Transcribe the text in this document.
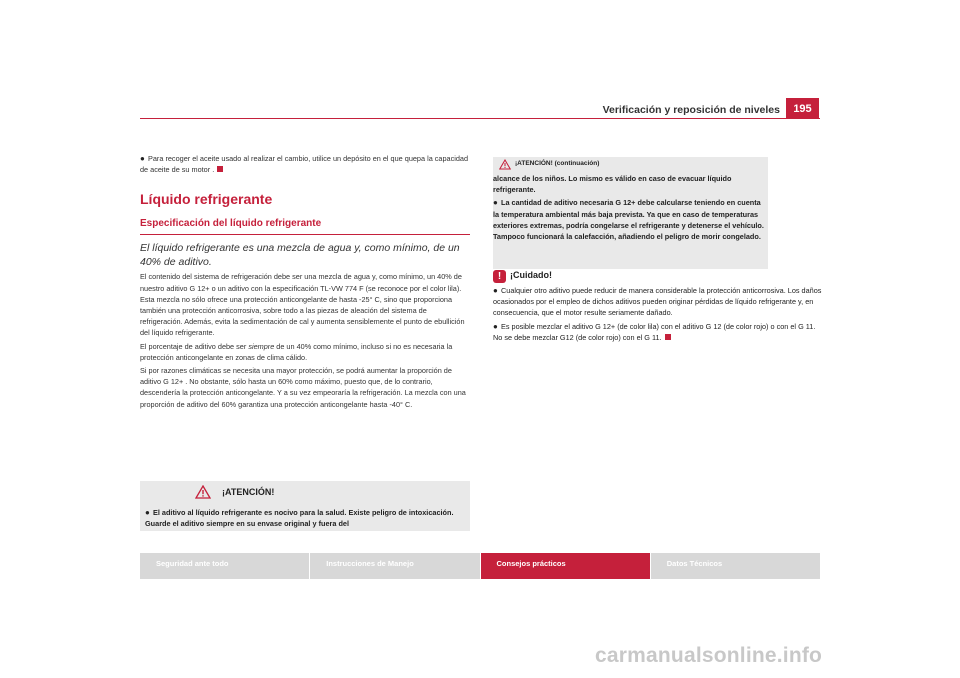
Verificación y reposición de niveles	195

● Para recoger el aceite usado al realizar el cambio, utilice un depósito en el que quepa la capacidad de aceite de su motor .

Líquido refrigerante
Especificación del líquido refrigerante

El líquido refrigerante es una mezcla de agua y, como mínimo, de un 40% de aditivo.

El contenido del sistema de refrigeración debe ser una mezcla de agua y, como mínimo, un 40% de nuestro aditivo G 12+ o un aditivo con la especificación TL-VW 774 F (se reconoce por el color lila). Esta mezcla no sólo ofrece una protección anticongelante de hasta -25° C, sino que proporciona también una protección anticorrosiva, sobre todo a las piezas de aleación del sistema de refrigeración. Además, evita la sedimentación de cal y aumenta sensiblemente el punto de ebullición del líquido refrigerante.

El porcentaje de aditivo debe ser siempre de un 40% como mínimo, incluso si no es necesaria la protección anticongelante en zonas de clima cálido.

Si por razones climáticas se necesita una mayor protección, se podrá aumentar la proporción de aditivo G 12+ . No obstante, sólo hasta un 60% como máximo, puesto que, de lo contrario, descendería la protección anticongelante. Y a su vez empeoraría la refrigeración. La mezcla con una proporción de aditivo del 60% garantiza una protección anticongelante hasta -40° C.

¡ATENCIÓN!
● El aditivo al líquido refrigerante es nocivo para la salud. Existe peligro de intoxicación. Guarde el aditivo siempre en su envase original y fuera del
¡ATENCIÓN! (continuación)

alcance de los niños. Lo mismo es válido en caso de evacuar líquido refrigerante.

● La cantidad de aditivo necesaria G 12+ debe calcularse teniendo en cuenta la temperatura ambiental más baja prevista. Ya que en caso de temperaturas exteriores extremas, podría congelarse el refrigerante y detenerse el vehículo. Tampoco funcionará la calefacción, añadiendo el peligro de morir congelado.

! ¡Cuidado!

● Cualquier otro aditivo puede reducir de manera considerable la protección anticorrosiva. Los daños ocasionados por el empleo de dichos aditivos pueden originar pérdidas de líquido refrigerante y, en consecuencia, que el motor resulte seriamente dañado.

● Es posible mezclar el aditivo G 12+ (de color lila) con el aditivo G 12 (de color rojo) o con el G 11. No se debe mezclar G12 (de color rojo) con el G 11.

Seguridad ante todo	Instrucciones de Manejo	Consejos prácticos	Datos Técnicos
carmanualsonline.info
